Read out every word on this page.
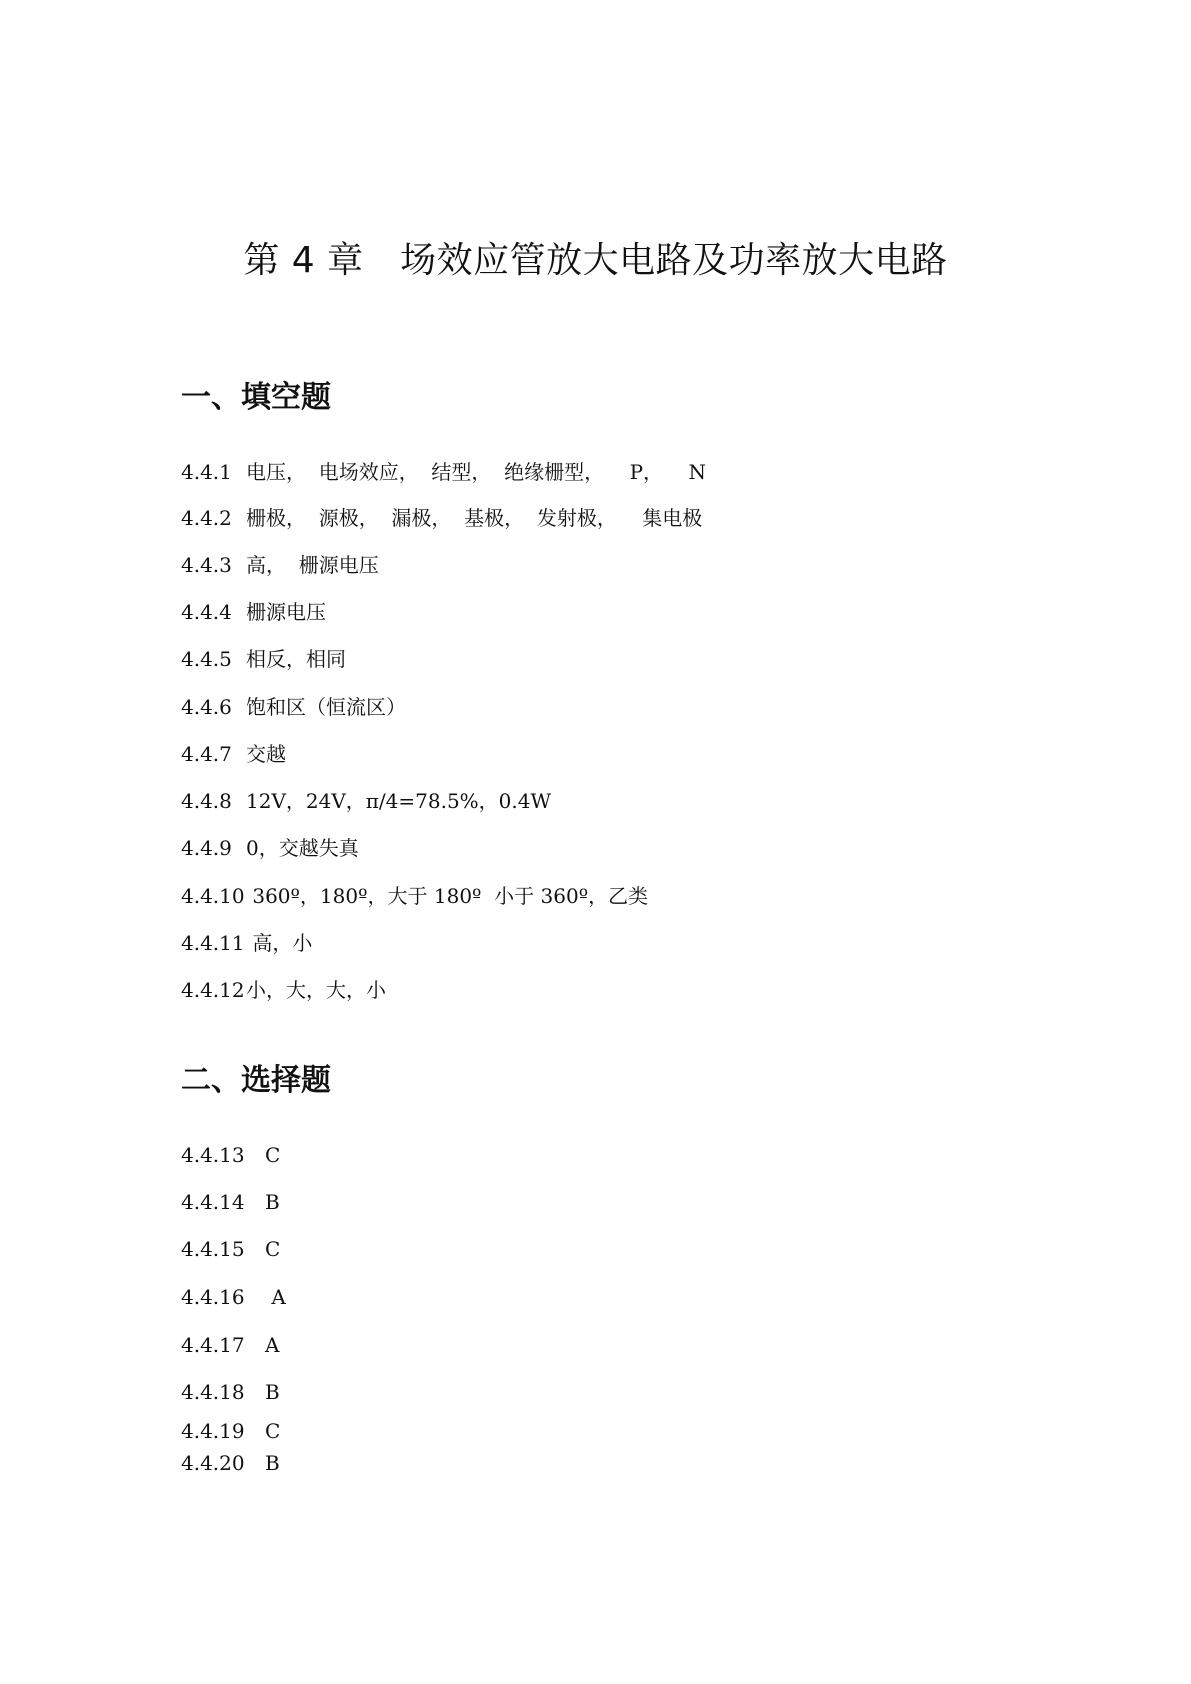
第 4 章　场效应管放大电路及功率放大电路
一、填空题
4.4.1 电压，  电场效应，  结型，  绝缘栅型，    P，    N
4.4.2 栅极，  源极，  漏极，  基极，  发射极，    集电极
4.4.3 高，  栅源电压
4.4.4 栅源电压
4.4.5 相反，相同
4.4.6 饱和区（恒流区）
4.4.7 交越
4.4.8 12V，24V，π/4=78.5%，0.4W
4.4.9 0，交越失真
4.4.10 360º，180º，大于 180º  小于 360º，乙类
4.4.11 高，小
4.4.12小，大，大，小
二、选择题
4.4.13 C
4.4.14 B
4.4.15 C
4.4.16 A
4.4.17 A
4.4.18 B
4.4.19 C
4.4.20 B
